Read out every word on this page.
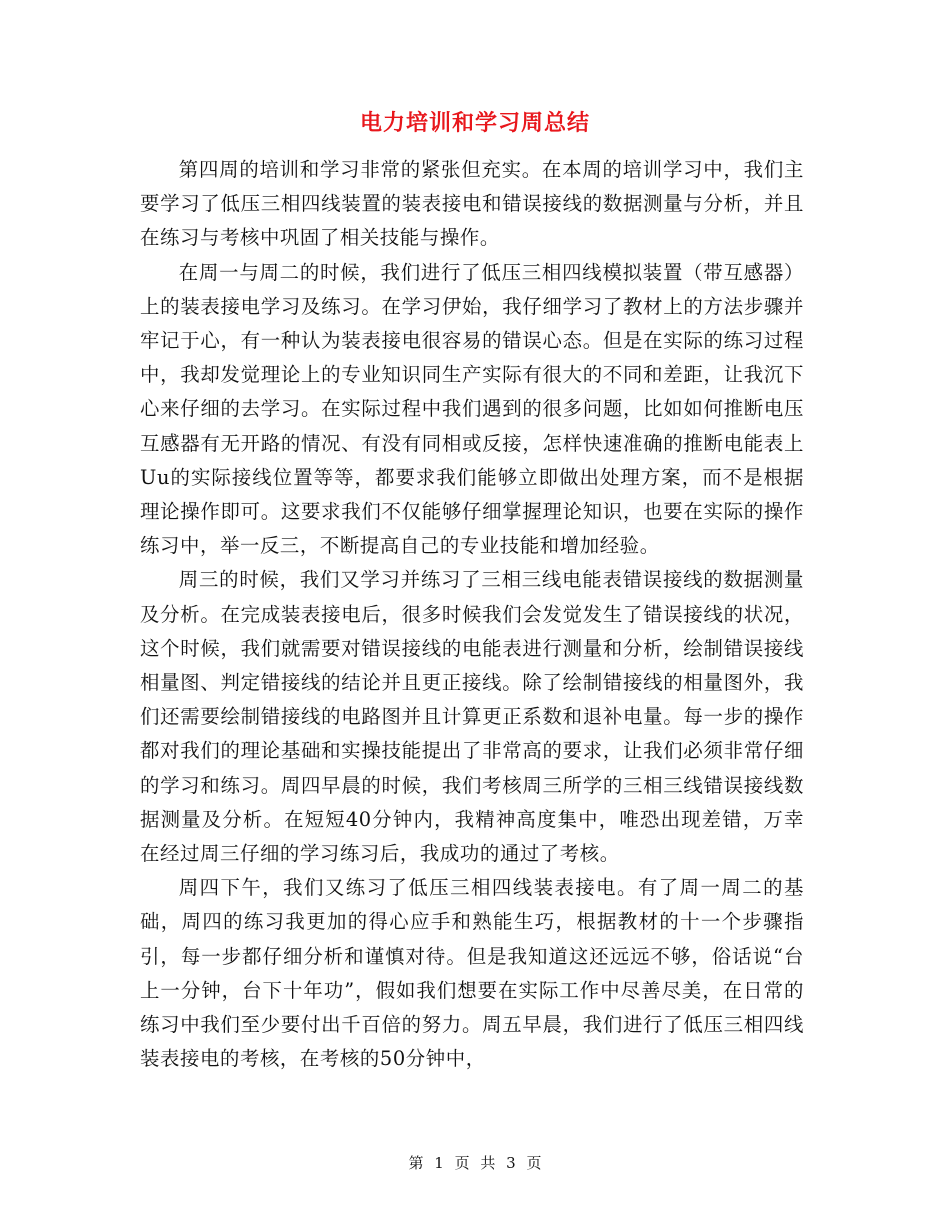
电力培训和学习周总结

第四周的培训和学习非常的紧张但充实。在本周的培训学习中，我们主要学习了低压三相四线装置的装表接电和错误接线的数据测量与分析，并且在练习与考核中巩固了相关技能与操作。

在周一与周二的时候，我们进行了低压三相四线模拟装置（带互感器）上的装表接电学习及练习。在学习伊始，我仔细学习了教材上的方法步骤并牢记于心，有一种认为装表接电很容易的错误心态。但是在实际的练习过程中，我却发觉理论上的专业知识同生产实际有很大的不同和差距，让我沉下心来仔细的去学习。在实际过程中我们遇到的很多问题，比如如何推断电压互感器有无开路的情况、有没有同相或反接，怎样快速准确的推断电能表上Uu的实际接线位置等等，都要求我们能够立即做出处理方案，而不是根据理论操作即可。这要求我们不仅能够仔细掌握理论知识，也要在实际的操作练习中，举一反三，不断提高自己的专业技能和增加经验。

周三的时候，我们又学习并练习了三相三线电能表错误接线的数据测量及分析。在完成装表接电后，很多时候我们会发觉发生了错误接线的状况，这个时候，我们就需要对错误接线的电能表进行测量和分析，绘制错误接线相量图、判定错接线的结论并且更正接线。除了绘制错接线的相量图外，我们还需要绘制错接线的电路图并且计算更正系数和退补电量。每一步的操作都对我们的理论基础和实操技能提出了非常高的要求，让我们必须非常仔细的学习和练习。周四早晨的时候，我们考核周三所学的三相三线错误接线数据测量及分析。在短短40分钟内，我精神高度集中，唯恐出现差错，万幸在经过周三仔细的学习练习后，我成功的通过了考核。

周四下午，我们又练习了低压三相四线装表接电。有了周一周二的基础，周四的练习我更加的得心应手和熟能生巧，根据教材的十一个步骤指引，每一步都仔细分析和谨慎对待。但是我知道这还远远不够，俗话说“台上一分钟，台下十年功”，假如我们想要在实际工作中尽善尽美，在日常的练习中我们至少要付出千百倍的努力。周五早晨，我们进行了低压三相四线装表接电的考核，在考核的50分钟中，

第 1 页 共 3 页
